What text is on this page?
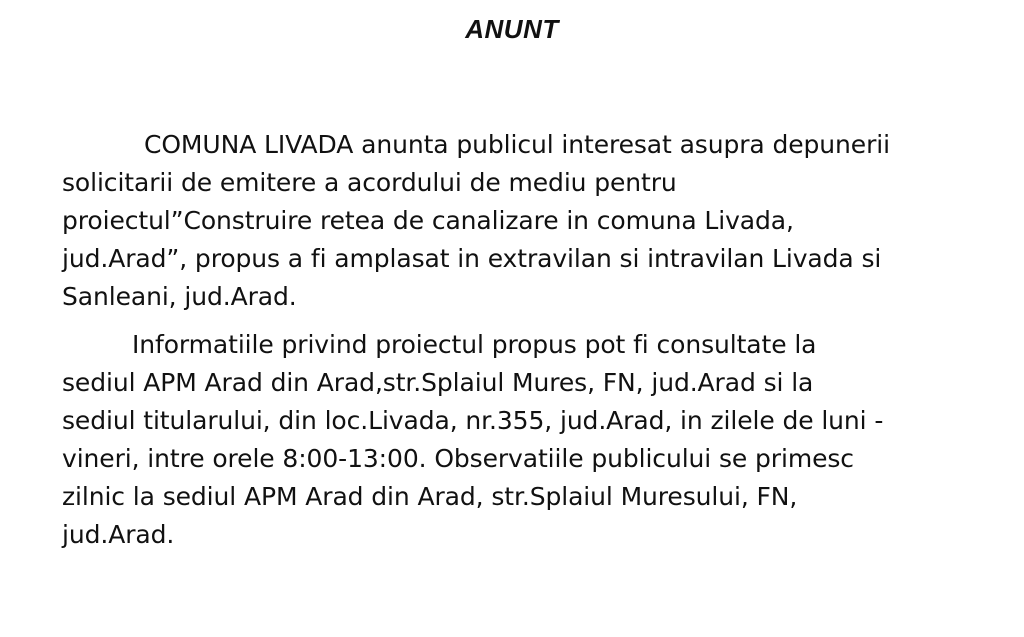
ANUNT
COMUNA LIVADA anunta publicul interesat asupra depunerii
solicitarii de emitere a acordului de mediu pentru
proiectul”Construire retea de canalizare in comuna Livada,
jud.Arad”, propus a fi amplasat in extravilan si intravilan Livada si
Sanleani, jud.Arad.
Informatiile privind proiectul propus pot fi consultate la
sediul APM Arad din Arad,str.Splaiul Mures, FN, jud.Arad si la
sediul titularului, din loc.Livada, nr.355, jud.Arad, in zilele de luni -
vineri, intre orele 8:00-13:00. Observatiile publicului se primesc
zilnic la sediul APM Arad din Arad, str.Splaiul Muresului, FN,
jud.Arad.
